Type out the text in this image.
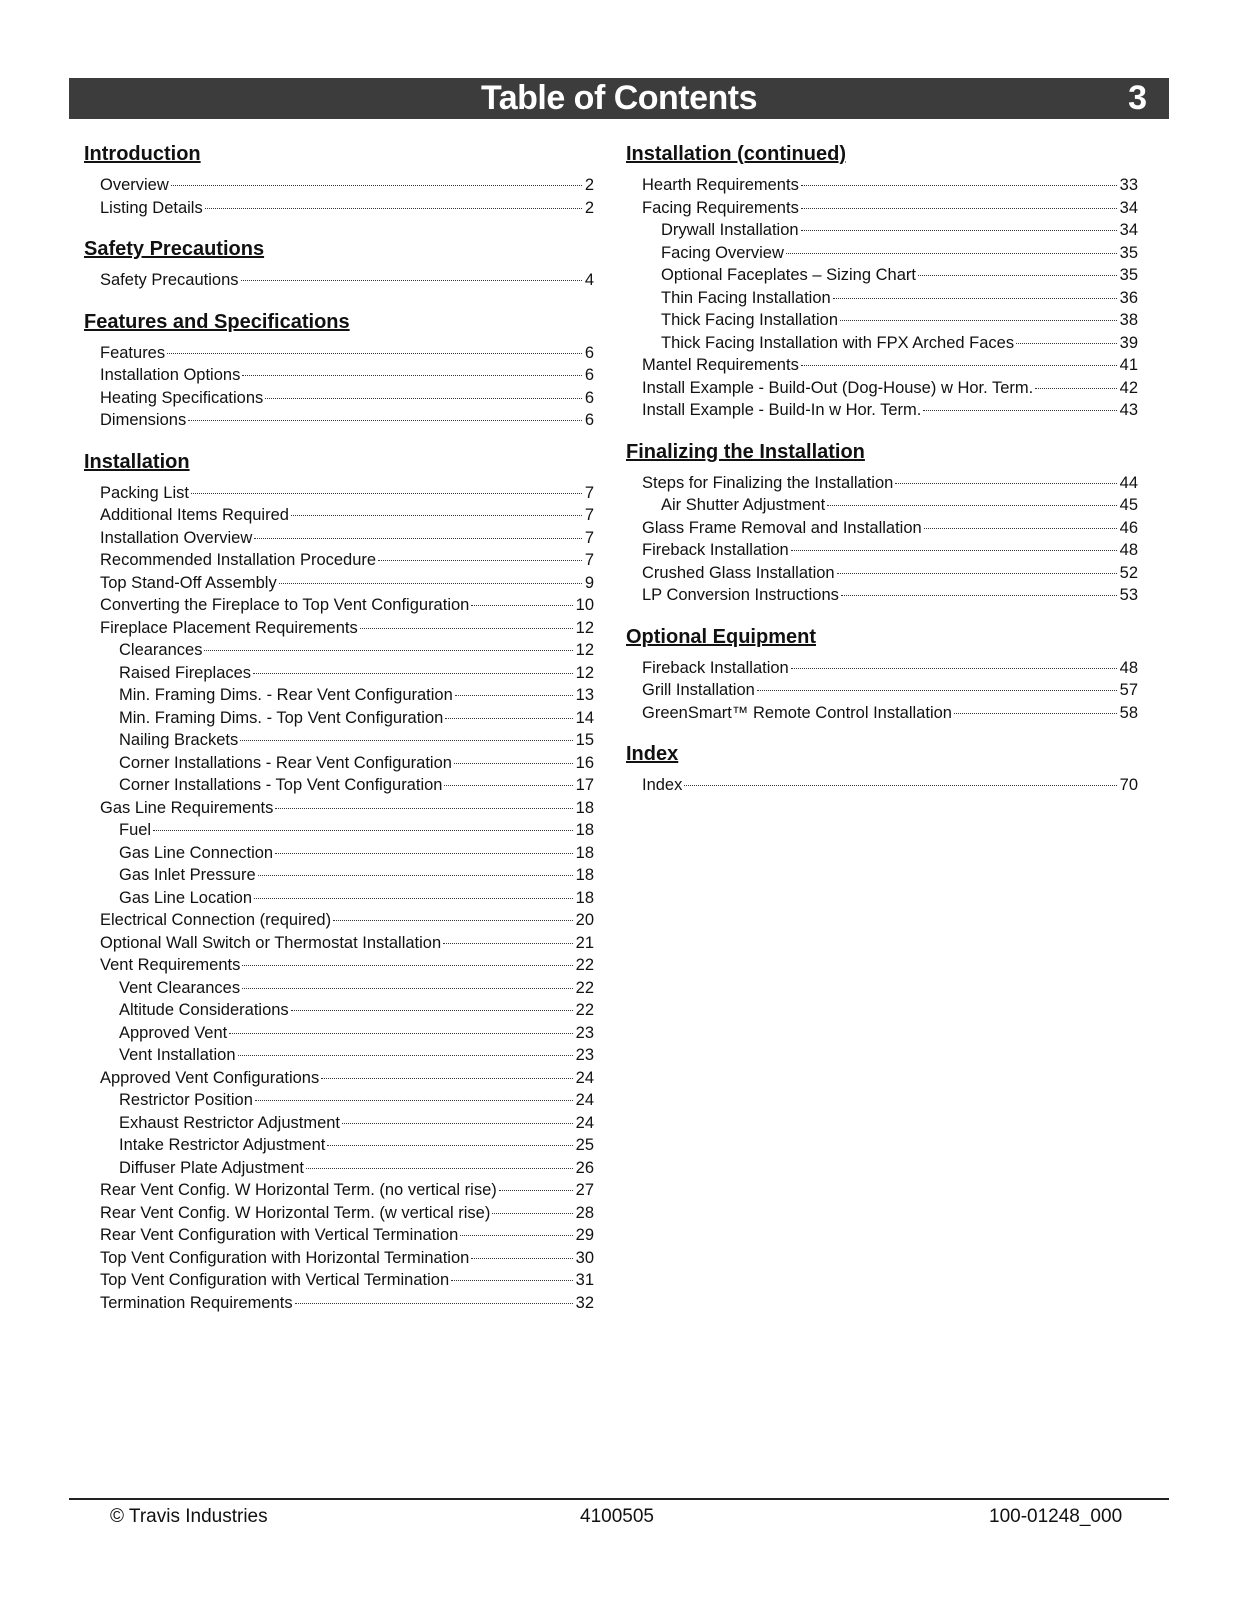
Table of Contents	3
Introduction
Overview	2
Listing Details	2
Safety Precautions
Safety Precautions	4
Features and Specifications
Features	6
Installation Options	6
Heating Specifications	6
Dimensions	6
Installation
Packing List	7
Additional Items Required	7
Installation Overview	7
Recommended Installation Procedure	7
Top Stand-Off Assembly	9
Converting the Fireplace to Top Vent Configuration	10
Fireplace Placement Requirements	12
Clearances	12
Raised Fireplaces	12
Min. Framing Dims. - Rear Vent Configuration	13
Min. Framing Dims. - Top Vent Configuration	14
Nailing Brackets	15
Corner Installations - Rear Vent Configuration	16
Corner Installations - Top Vent Configuration	17
Gas Line Requirements	18
Fuel	18
Gas Line Connection	18
Gas Inlet Pressure	18
Gas Line Location	18
Electrical Connection (required)	20
Optional Wall Switch or Thermostat Installation	21
Vent Requirements	22
Vent Clearances	22
Altitude Considerations	22
Approved Vent	23
Vent Installation	23
Approved Vent Configurations	24
Restrictor Position	24
Exhaust Restrictor Adjustment	24
Intake Restrictor Adjustment	25
Diffuser Plate Adjustment	26
Rear Vent Config. W Horizontal Term. (no vertical rise)	27
Rear Vent Config. W Horizontal Term. (w vertical rise)	28
Rear Vent Configuration with Vertical Termination	29
Top Vent Configuration with Horizontal Termination	30
Top Vent Configuration with Vertical Termination	31
Termination Requirements	32
Installation (continued)
Hearth Requirements	33
Facing Requirements	34
Drywall Installation	34
Facing Overview	35
Optional Faceplates – Sizing Chart	35
Thin Facing Installation	36
Thick Facing Installation	38
Thick Facing Installation with FPX Arched Faces	39
Mantel Requirements	41
Install Example - Build-Out (Dog-House) w Hor. Term.	42
Install Example - Build-In w Hor. Term.	43
Finalizing the Installation
Steps for Finalizing the Installation	44
Air Shutter Adjustment	45
Glass Frame Removal and Installation	46
Fireback Installation	48
Crushed Glass Installation	52
LP Conversion Instructions	53
Optional Equipment
Fireback Installation	48
Grill Installation	57
GreenSmart™ Remote Control Installation	58
Index
Index	70
© Travis Industries	4100505	100-01248_000
